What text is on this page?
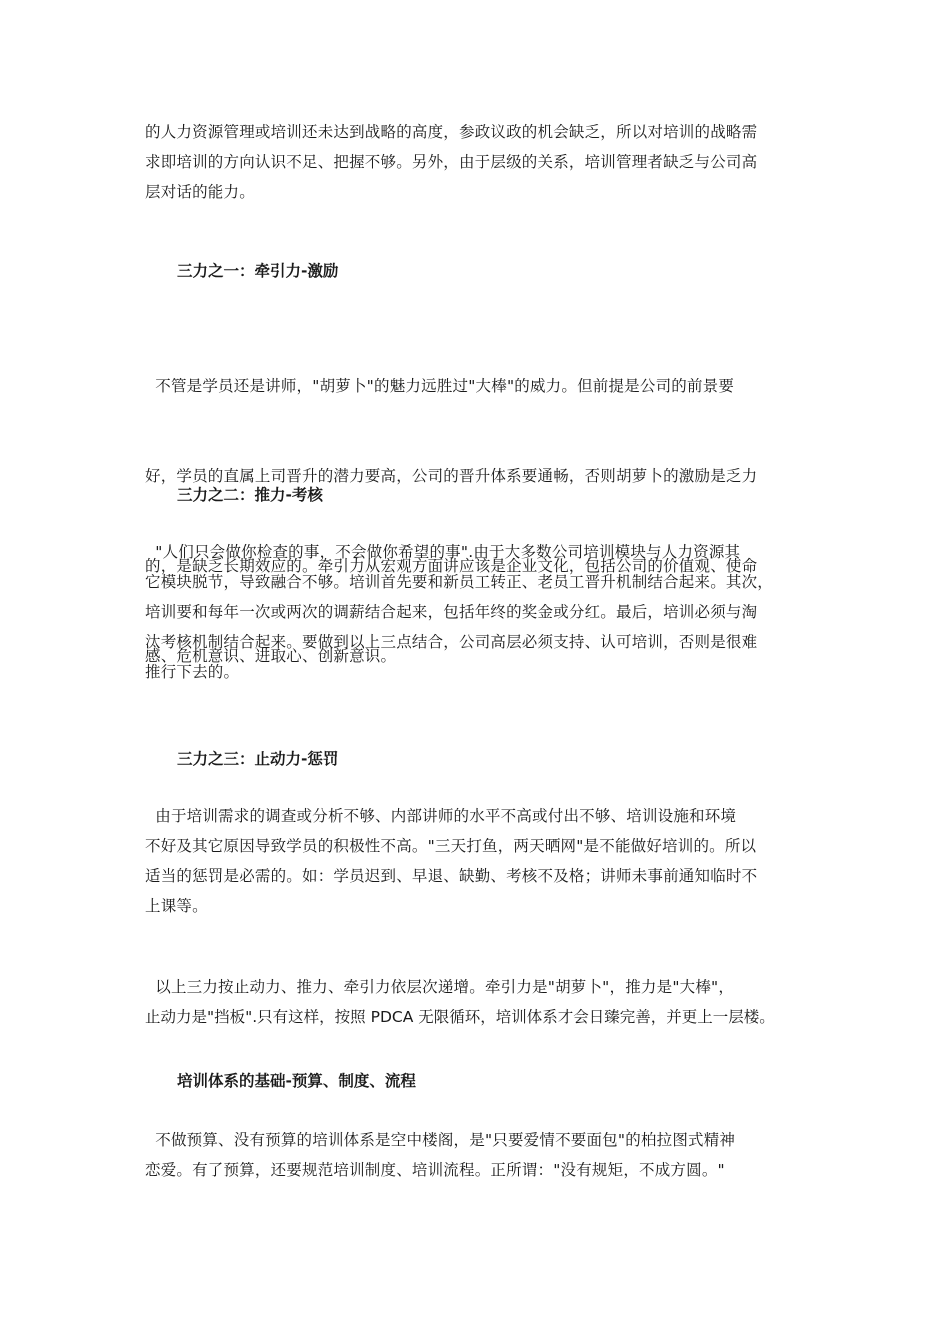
的人力资源管理或培训还未达到战略的高度，参政议政的机会缺乏，所以对培训的战略需
求即培训的方向认识不足、把握不够。另外，由于层级的关系，培训管理者缺乏与公司高
层对话的能力。
三力之一：牵引力-激励

不管是学员还是讲师，"胡萝卜"的魅力远胜过"大棒"的威力。但前提是公司的前景要

好，学员的直属上司晋升的潜力要高，公司的晋升体系要通畅，否则胡萝卜的激励是乏力

的，是缺乏长期效应的。牵引力从宏观方面讲应该是企业文化，包括公司的价值观、使命

感、危机意识、进取心、创新意识。

三力之二：推力-考核
"人们只会做你检查的事，不会做你希望的事".由于大多数公司培训模块与人力资源其
它模块脱节，导致融合不够。培训首先要和新员工转正、老员工晋升机制结合起来。其次，
培训要和每年一次或两次的调薪结合起来，包括年终的奖金或分红。最后，培训必须与淘
汰考核机制结合起来。要做到以上三点结合，公司高层必须支持、认可培训，否则是很难
推行下去的。
三力之三：止动力-惩罚
由于培训需求的调查或分析不够、内部讲师的水平不高或付出不够、培训设施和环境
不好及其它原因导致学员的积极性不高。"三天打鱼，两天晒网"是不能做好培训的。所以
适当的惩罚是必需的。如：学员迟到、早退、缺勤、考核不及格；讲师未事前通知临时不
上课等。
以上三力按止动力、推力、牵引力依层次递增。牵引力是"胡萝卜"，推力是"大棒"，
止动力是"挡板".只有这样，按照 PDCA 无限循环，培训体系才会日臻完善，并更上一层楼。
培训体系的基础-预算、制度、流程
不做预算、没有预算的培训体系是空中楼阁，是"只要爱情不要面包"的柏拉图式精神
恋爱。有了预算，还要规范培训制度、培训流程。正所谓："没有规矩，不成方圆。"
